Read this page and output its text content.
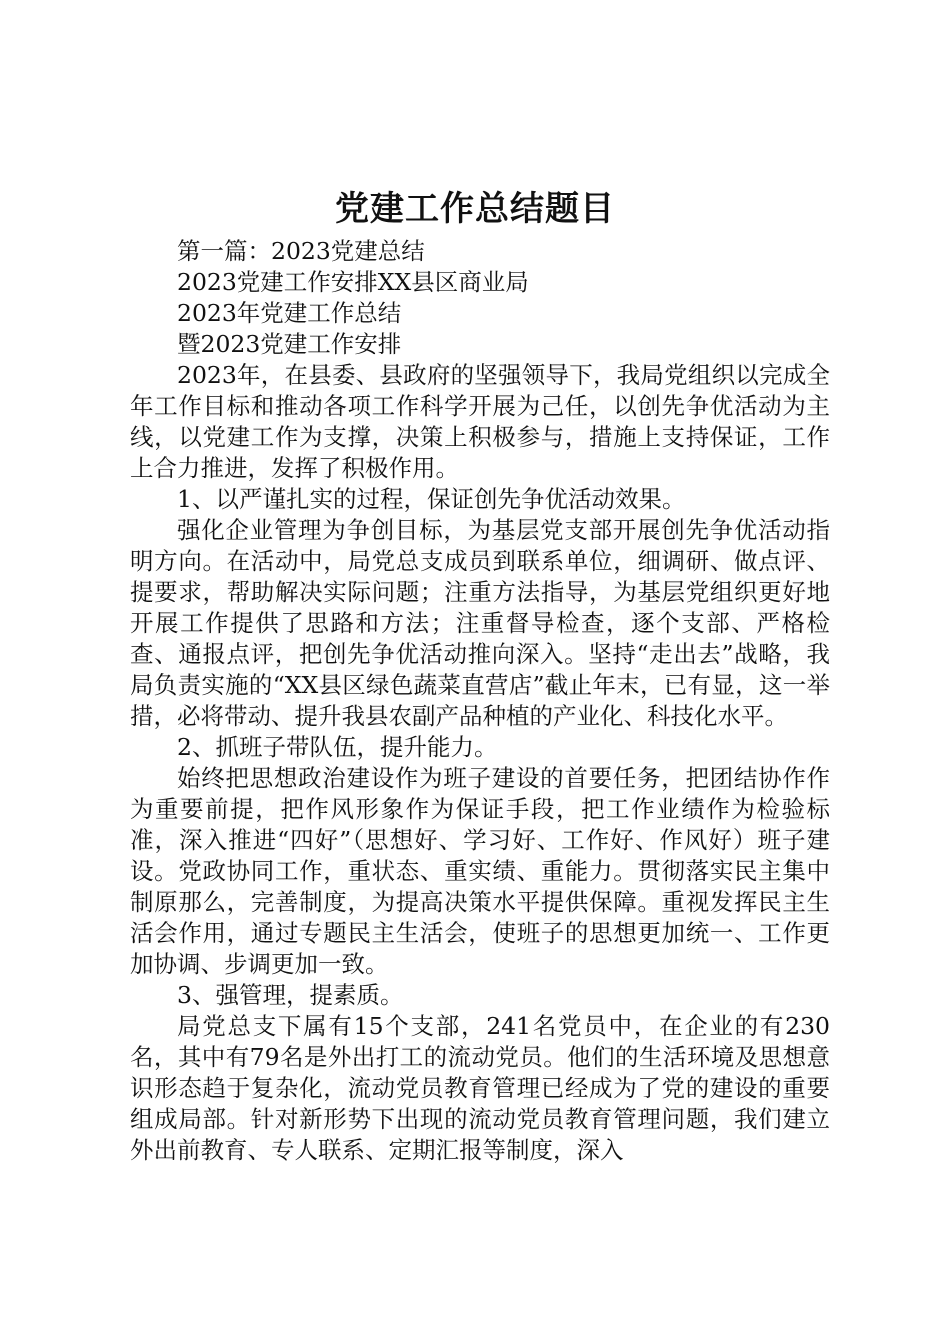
党建工作总结题目

第一篇：2023党建总结

2023党建工作安排XX县区商业局

2023年党建工作总结

暨2023党建工作安排

2023年，在县委、县政府的坚强领导下，我局党组织以完成全年工作目标和推动各项工作科学开展为己任，以创先争优活动为主线，以党建工作为支撑，决策上积极参与，措施上支持保证，工作上合力推进，发挥了积极作用。

1、以严谨扎实的过程，保证创先争优活动效果。

强化企业管理为争创目标，为基层党支部开展创先争优活动指明方向。在活动中，局党总支成员到联系单位，细调研、做点评、提要求，帮助解决实际问题；注重方法指导，为基层党组织更好地开展工作提供了思路和方法；注重督导检查，逐个支部、严格检查、通报点评，把创先争优活动推向深入。坚持“走出去”战略，我局负责实施的“XX县区绿色蔬菜直营店”截止年末，已有显，这一举措，必将带动、提升我县农副产品种植的产业化、科技化水平。

2、抓班子带队伍，提升能力。

始终把思想政治建设作为班子建设的首要任务，把团结协作作为重要前提，把作风形象作为保证手段，把工作业绩作为检验标准，深入推进“四好”（思想好、学习好、工作好、作风好）班子建设。党政协同工作，重状态、重实绩、重能力。贯彻落实民主集中制原那么，完善制度，为提高决策水平提供保障。重视发挥民主生活会作用，通过专题民主生活会，使班子的思想更加统一、工作更加协调、步调更加一致。

3、强管理，提素质。

局党总支下属有15个支部，241名党员中，在企业的有230名，其中有79名是外出打工的流动党员。他们的生活环境及思想意识形态趋于复杂化，流动党员教育管理已经成为了党的建设的重要组成局部。针对新形势下出现的流动党员教育管理问题，我们建立外出前教育、专人联系、定期汇报等制度，深入
